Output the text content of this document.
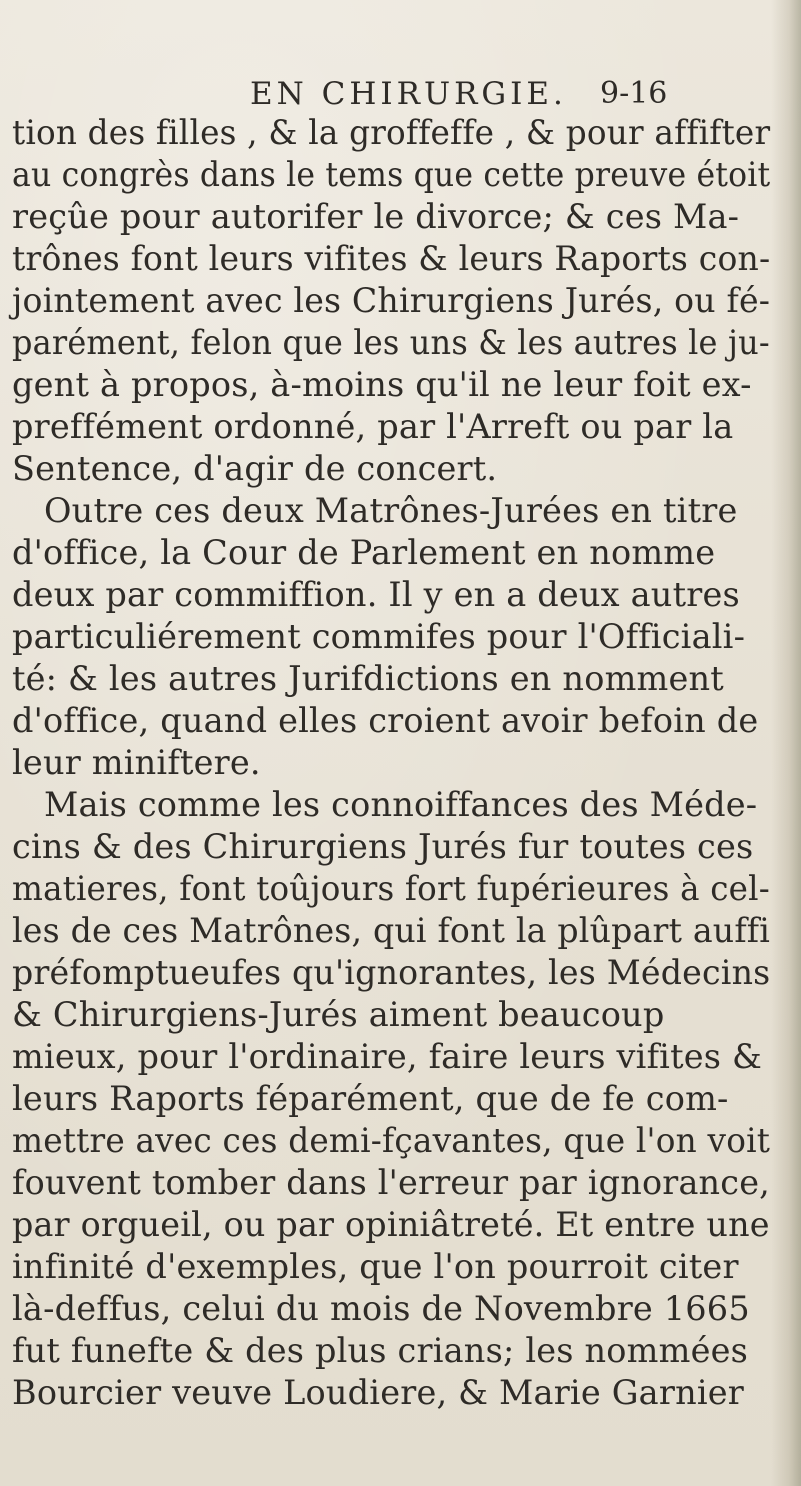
EN CHIRURGIE. 9-16
tion des filles , & la groffeffe , & pour affifter
au congrès dans le tems que cette preuve étoit
reçûe pour autorifer le divorce; & ces Ma-
trônes font leurs vifites & leurs Raports con-
jointement avec les Chirurgiens Jurés, ou fé-
parément, felon que les uns & les autres le ju-
gent à propos, à-moins qu'il ne leur foit ex-
preffément ordonné, par l'Arreft ou par la
Sentence, d'agir de concert.
Outre ces deux Matrônes-Jurées en titre
d'office, la Cour de Parlement en nomme
deux par commiffion. Il y en a deux autres
particuliérement commifes pour l'Officiali-
té: & les autres Jurifdictions en nomment
d'office, quand elles croient avoir befoin de
leur miniftere.
Mais comme les connoiffances des Méde-
cins & des Chirurgiens Jurés fur toutes ces
matieres, font toûjours fort fupérieures à cel-
les de ces Matrônes, qui font la plûpart auffi
préfomptueufes qu'ignorantes, les Médecins
& Chirurgiens-Jurés aiment beaucoup
mieux, pour l'ordinaire, faire leurs vifites &
leurs Raports féparément, que de fe com-
mettre avec ces demi-fçavantes, que l'on voit
fouvent tomber dans l'erreur par ignorance,
par orgueil, ou par opiniâtreté. Et entre une
infinité d'exemples, que l'on pourroit citer
là-deffus, celui du mois de Novembre 1665
fut funefte & des plus crians; les nommées
Bourcier veuve Loudiere, & Marie Garnier
